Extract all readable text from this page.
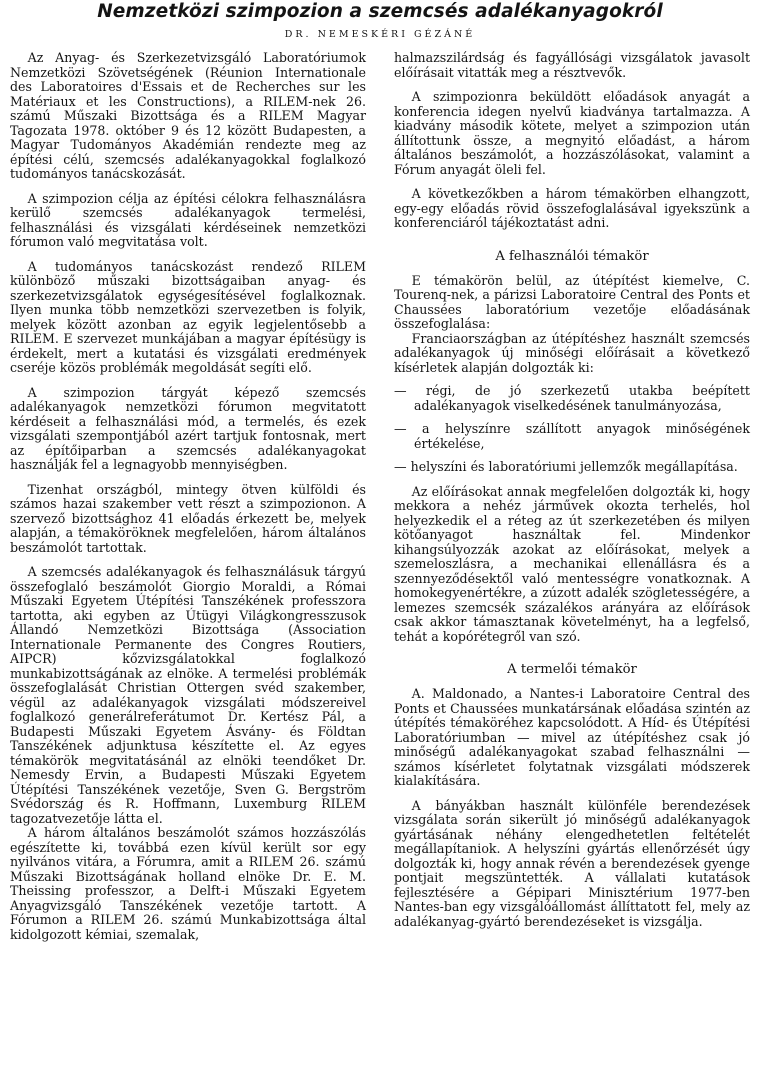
Nemzetközi szimpozion a szemcsés adalékanyagokról
DR. NEMESKÉRI GÉZÁNÉ

Az Anyag- és Szerkezetvizsgáló Laboratóriumok Nemzetközi Szövetségének (Réunion Internationale des Laboratoires d'Essais et de Recherches sur les Matériaux et les Constructions), a RILEM-nek 26. számú Műszaki Bizottsága és a RILEM Magyar Tagozata 1978. október 9 és 12 között Budapesten, a Magyar Tudományos Akadémián rendezte meg az építési célú, szemcsés adalékanyagokkal foglalkozó tudományos tanácskozását.

A szimpozion célja az építési célokra felhasználásra kerülő szemcsés adalékanyagok termelési, felhasználási és vizsgálati kérdéseinek nemzetközi fórumon való megvitatása volt.

A tudományos tanácskozást rendező RILEM különböző műszaki bizottságaiban anyag- és szerkezetvizsgálatok egységesítésével foglalkoznak. Ilyen munka több nemzetközi szervezetben is folyik, melyek között azonban az egyik legjelentősebb a RILEM. E szervezet munkájában a magyar építésügy is érdekelt, mert a kutatási és vizsgálati eredmények cseréje közös problémák megoldását segíti elő.

A szimpozion tárgyát képező szemcsés adalékanyagok nemzetközi fórumon megvitatott kérdéseit a felhasználási mód, a termelés, és ezek vizsgálati szempontjából azért tartjuk fontosnak, mert az építőiparban a szemcsés adalékanyagokat használják fel a legnagyobb mennyiségben.

Tizenhat országból, mintegy ötven külföldi és számos hazai szakember vett részt a szimpozionon. A szervező bizottsághoz 41 előadás érkezett be, melyek alapján, a témaköröknek megfelelően, három általános beszámolót tartottak.

A szemcsés adalékanyagok és felhasználásuk tárgyú összefoglaló beszámolót Giorgio Moraldi, a Római Műszaki Egyetem Útépítési Tanszékének professzora tartotta, aki egyben az Útügyi Világkongresszusok Állandó Nemzetközi Bizottsága (Association Internationale Permanente des Congres Routiers, AIPCR) kőzvizsgálatokkal foglalkozó munkabizottságának az elnöke. A termelési problémák összefoglalását Christian Ottergen svéd szakember, végül az adalékanyagok vizsgálati módszereivel foglalkozó generálreferátumot Dr. Kertész Pál, a Budapesti Műszaki Egyetem Ásvány- és Földtan Tanszékének adjunktusa készítette el. Az egyes témakörök megvitatásánál az elnöki teendőket Dr. Nemesdy Ervin, a Budapesti Műszaki Egyetem Útépítési Tanszékének vezetője, Sven G. Bergström Svédország és R. Hoffmann, Luxemburg RILEM tagozatvezetője látta el.

A három általános beszámolót számos hozzászólás egészítette ki, továbbá ezen kívül került sor egy nyilvános vitára, a Fórumra, amit a RILEM 26. számú Műszaki Bizottságának holland elnöke Dr. E. M. Theissing professzor, a Delft-i Műszaki Egyetem Anyagvizsgáló Tanszékének vezetője tartott. A Fórumon a RILEM 26. számú Munkabizottsága által kidolgozott kémiai, szemalak,

halmazszilárdság és fagyállósági vizsgálatok javasolt előírásait vitatták meg a résztvevők.

A szimpozionra beküldött előadások anyagát a konferencia idegen nyelvű kiadványa tartalmazza. A kiadvány második kötete, melyet a szimpozion után állítottunk össze, a megnyitó előadást, a három általános beszámolót, a hozzászólásokat, valamint a Fórum anyagát öleli fel.

A következőkben a három témakörben elhangzott, egy-egy előadás rövid összefoglalásával igyekszünk a konferenciáról tájékoztatást adni.

A felhasználói témakör

E témakörön belül, az útépítést kiemelve, C. Tourenq-nek, a párizsi Laboratoire Central des Ponts et Chaussées laboratórium vezetője előadásának összefoglalása:

Franciaországban az útépítéshez használt szemcsés adalékanyagok új minőségi előírásait a következő kísérletek alapján dolgozták ki:

— régi, de jó szerkezetű utakba beépített adalékanyagok viselkedésének tanulmányozása,

— a helyszínre szállított anyagok minőségének értékelése,

— helyszíni és laboratóriumi jellemzők megállapítása.

Az előírásokat annak megfelelően dolgozták ki, hogy mekkora a nehéz járművek okozta terhelés, hol helyezkedik el a réteg az út szerkezetében és milyen kötőanyagot használtak fel. Mindenkor kihangsúlyozzák azokat az előírásokat, melyek a szemeloszlásra, a mechanikai ellenállásra és a szennyeződésektől való mentességre vonatkoznak. A homokegyenértékre, a zúzott adalék szögletességére, a lemezes szemcsék százalékos arányára az előírások csak akkor támasztanak követelményt, ha a legfelső, tehát a kopórétegről van szó.

A termelői témakör

A. Maldonado, a Nantes-i Laboratoire Central des Ponts et Chaussées munkatársának előadása szintén az útépítés témaköréhez kapcsolódott. A Híd- és Útépítési Laboratóriumban — mivel az útépítéshez csak jó minőségű adalékanyagokat szabad felhasználni — számos kísérletet folytatnak vizsgálati módszerek kialakítására.

A bányákban használt különféle berendezések vizsgálata során sikerült jó minőségű adalékanyagok gyártásának néhány elengedhetetlen feltételét megállapítaniok. A helyszíni gyártás ellenőrzését úgy dolgozták ki, hogy annak révén a berendezések gyenge pontjait megszüntették. A vállalati kutatások fejlesztésére a Gépipari Minisztérium 1977-ben Nantes-ban egy vizsgálóállomást állíttatott fel, mely az adalékanyag-gyártó berendezéseket is vizsgálja.
